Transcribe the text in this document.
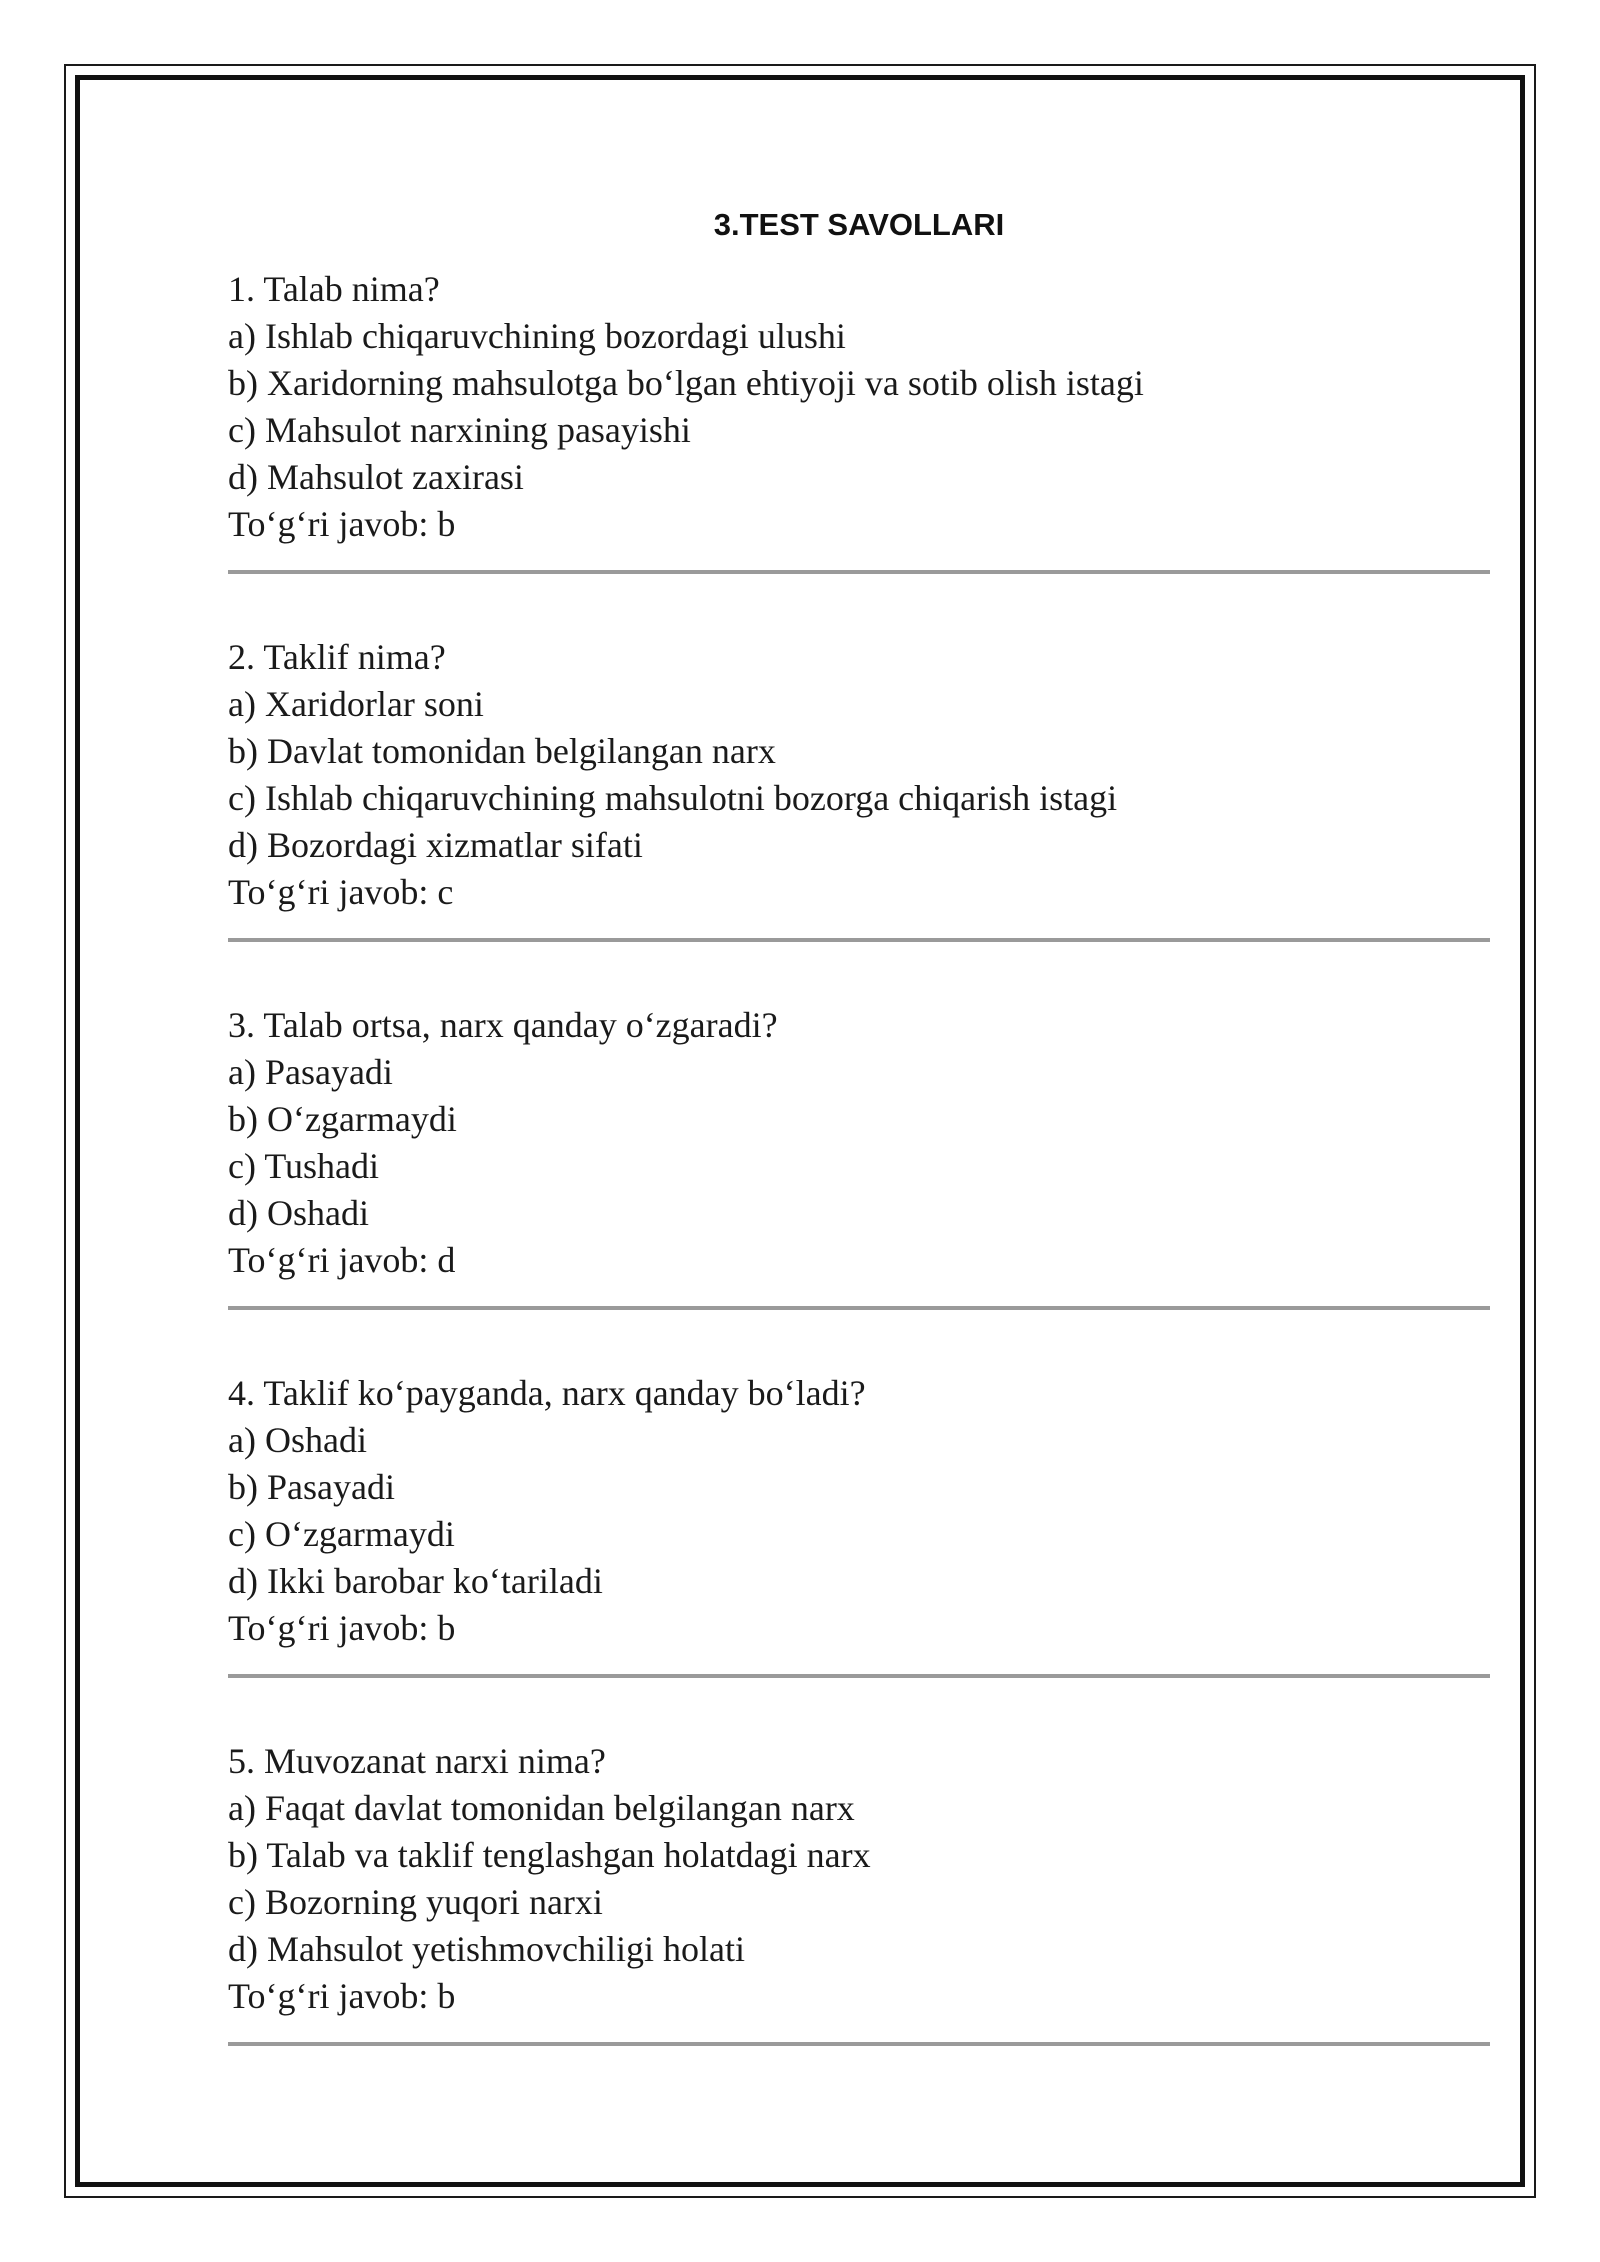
3.TEST SAVOLLARI
1. Talab nima?
a) Ishlab chiqaruvchining bozordagi ulushi
b) Xaridorning mahsulotga bo‘lgan ehtiyoji va sotib olish istagi
c) Mahsulot narxining pasayishi
d) Mahsulot zaxirasi
To‘g‘ri javob: b
2. Taklif nima?
a) Xaridorlar soni
b) Davlat tomonidan belgilangan narx
c) Ishlab chiqaruvchining mahsulotni bozorga chiqarish istagi
d) Bozordagi xizmatlar sifati
To‘g‘ri javob: c
3. Talab ortsa, narx qanday o‘zgaradi?
a) Pasayadi
b) O‘zgarmaydi
c) Tushadi
d) Oshadi
To‘g‘ri javob: d
4. Taklif ko‘payganda, narx qanday bo‘ladi?
a) Oshadi
b) Pasayadi
c) O‘zgarmaydi
d) Ikki barobar ko‘tariladi
To‘g‘ri javob: b
5. Muvozanat narxi nima?
a) Faqat davlat tomonidan belgilangan narx
b) Talab va taklif tenglashgan holatdagi narx
c) Bozorning yuqori narxi
d) Mahsulot yetishmovchiligi holati
To‘g‘ri javob: b
